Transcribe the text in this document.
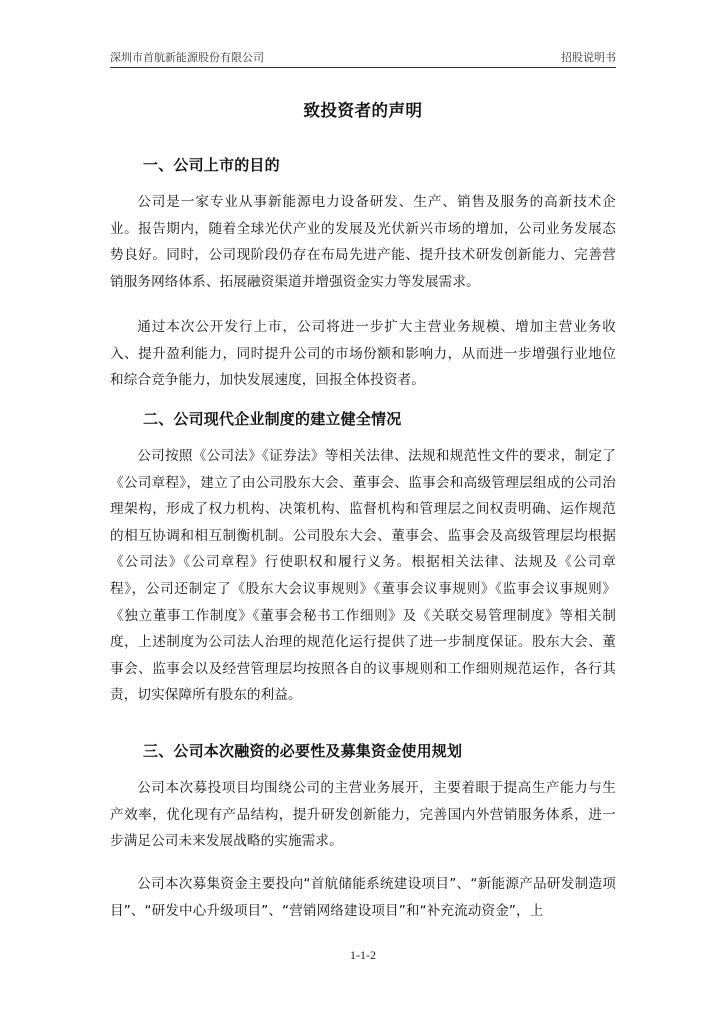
深圳市首航新能源股份有限公司	招股说明书
致投资者的声明
一、公司上市的目的
公司是一家专业从事新能源电力设备研发、生产、销售及服务的高新技术企业。报告期内，随着全球光伏产业的发展及光伏新兴市场的增加，公司业务发展态势良好。同时，公司现阶段仍存在布局先进产能、提升技术研发创新能力、完善营销服务网络体系、拓展融资渠道并增强资金实力等发展需求。
通过本次公开发行上市，公司将进一步扩大主营业务规模、增加主营业务收入、提升盈利能力，同时提升公司的市场份额和影响力，从而进一步增强行业地位和综合竞争能力，加快发展速度，回报全体投资者。
二、公司现代企业制度的建立健全情况
公司按照《公司法》《证券法》等相关法律、法规和规范性文件的要求，制定了《公司章程》，建立了由公司股东大会、董事会、监事会和高级管理层组成的公司治理架构，形成了权力机构、决策机构、监督机构和管理层之间权责明确、运作规范的相互协调和相互制衡机制。公司股东大会、董事会、监事会及高级管理层均根据《公司法》《公司章程》行使职权和履行义务。根据相关法律、法规及《公司章程》，公司还制定了《股东大会议事规则》《董事会议事规则》《监事会议事规则》《独立董事工作制度》《董事会秘书工作细则》及《关联交易管理制度》等相关制度，上述制度为公司法人治理的规范化运行提供了进一步制度保证。股东大会、董事会、监事会以及经营管理层均按照各自的议事规则和工作细则规范运作，各行其责，切实保障所有股东的利益。
三、公司本次融资的必要性及募集资金使用规划
公司本次募投项目均围绕公司的主营业务展开，主要着眼于提高生产能力与生产效率，优化现有产品结构，提升研发创新能力，完善国内外营销服务体系，进一步满足公司未来发展战略的实施需求。
公司本次募集资金主要投向“首航储能系统建设项目”、“新能源产品研发制造项目”、“研发中心升级项目”、“营销网络建设项目”和“补充流动资金”，上
1-1-2
